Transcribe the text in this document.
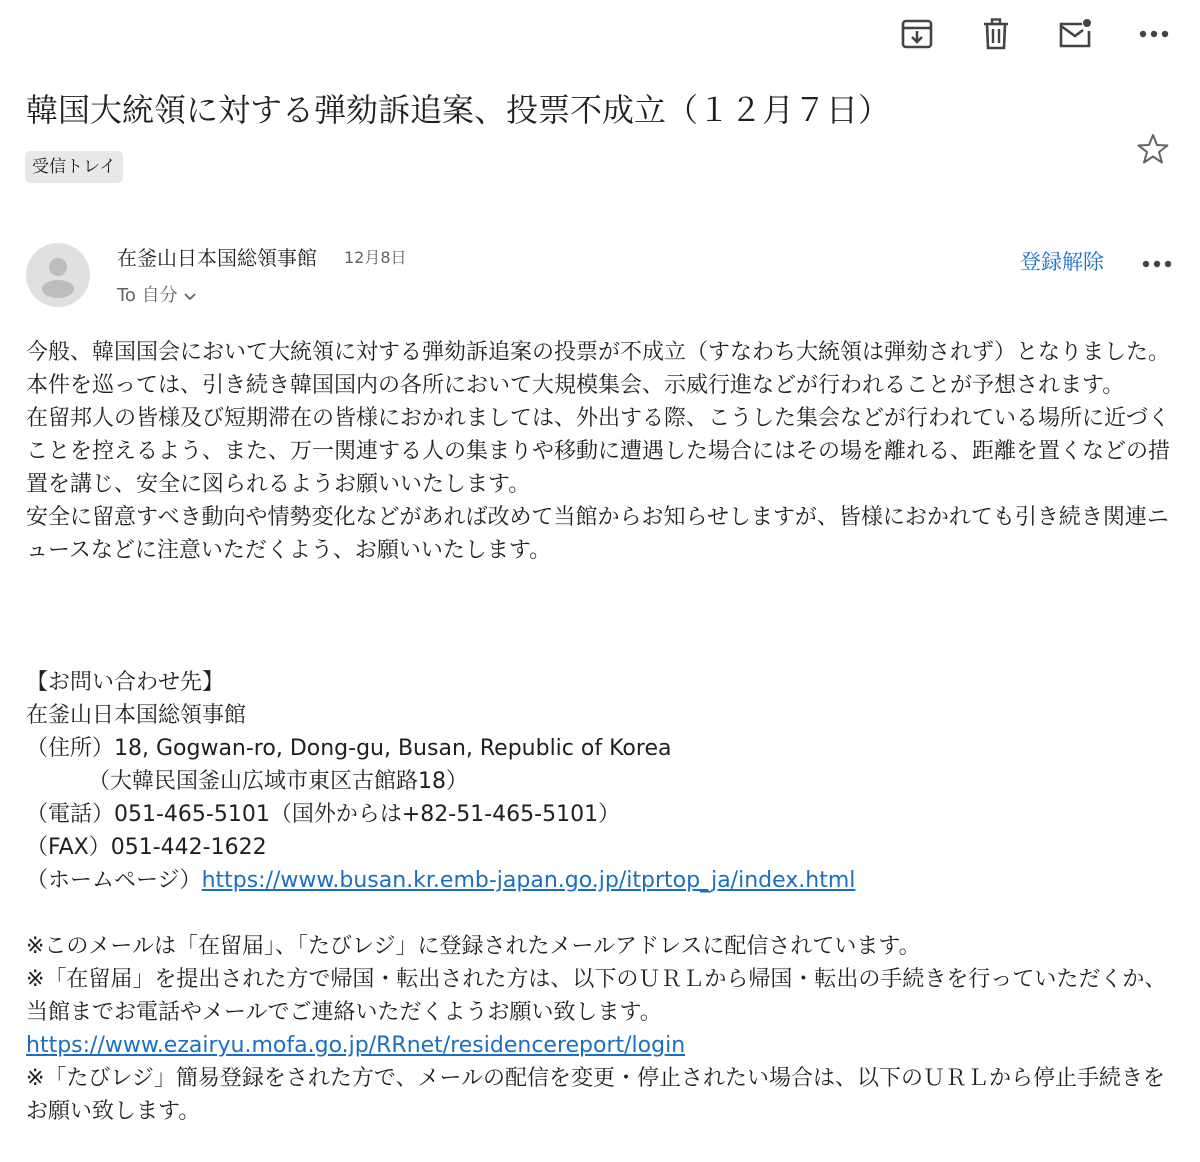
韓国大統領に対する弾劾訴追案、投票不成立（１２月７日）
受信トレイ
在釜山日本国総領事館 12月8日
To 自分
登録解除

今般、韓国国会において大統領に対する弾劾訴追案の投票が不成立（すなわち大統領は弾劾されず）となりました。本件を巡っては、引き続き韓国国内の各所において大規模集会、示威行進などが行われることが予想されます。

在留邦人の皆様及び短期滞在の皆様におかれましては、外出する際、こうした集会などが行われている場所に近づくことを控えるよう、また、万一関連する人の集まりや移動に遭遇した場合にはその場を離れる、距離を置くなどの措置を講じ、安全に図られるようお願いいたします。

安全に留意すべき動向や情勢変化などがあれば改めて当館からお知らせしますが、皆様におかれても引き続き関連ニュースなどに注意いただくよう、お願いいたします。

【お問い合わせ先】

在釜山日本国総領事館

（住所）18, Gogwan-ro, Dong-gu, Busan, Republic of Korea

（大韓民国釜山広域市東区古館路18）

（電話）051-465-5101（国外からは+82-51-465-5101）

（FAX）051-442-1622

（ホームページ）https://www.busan.kr.emb-japan.go.jp/itprtop_ja/index.html

※このメールは「在留届」、「たびレジ」に登録されたメールアドレスに配信されています。

※「在留届」を提出された方で帰国・転出された方は、以下のＵＲＬから帰国・転出の手続きを行っていただくか、当館までお電話やメールでご連絡いただくようお願い致します。

https://www.ezairyu.mofa.go.jp/RRnet/residencereport/login

※「たびレジ」簡易登録をされた方で、メールの配信を変更・停止されたい場合は、以下のＵＲＬから停止手続きをお願い致します。
